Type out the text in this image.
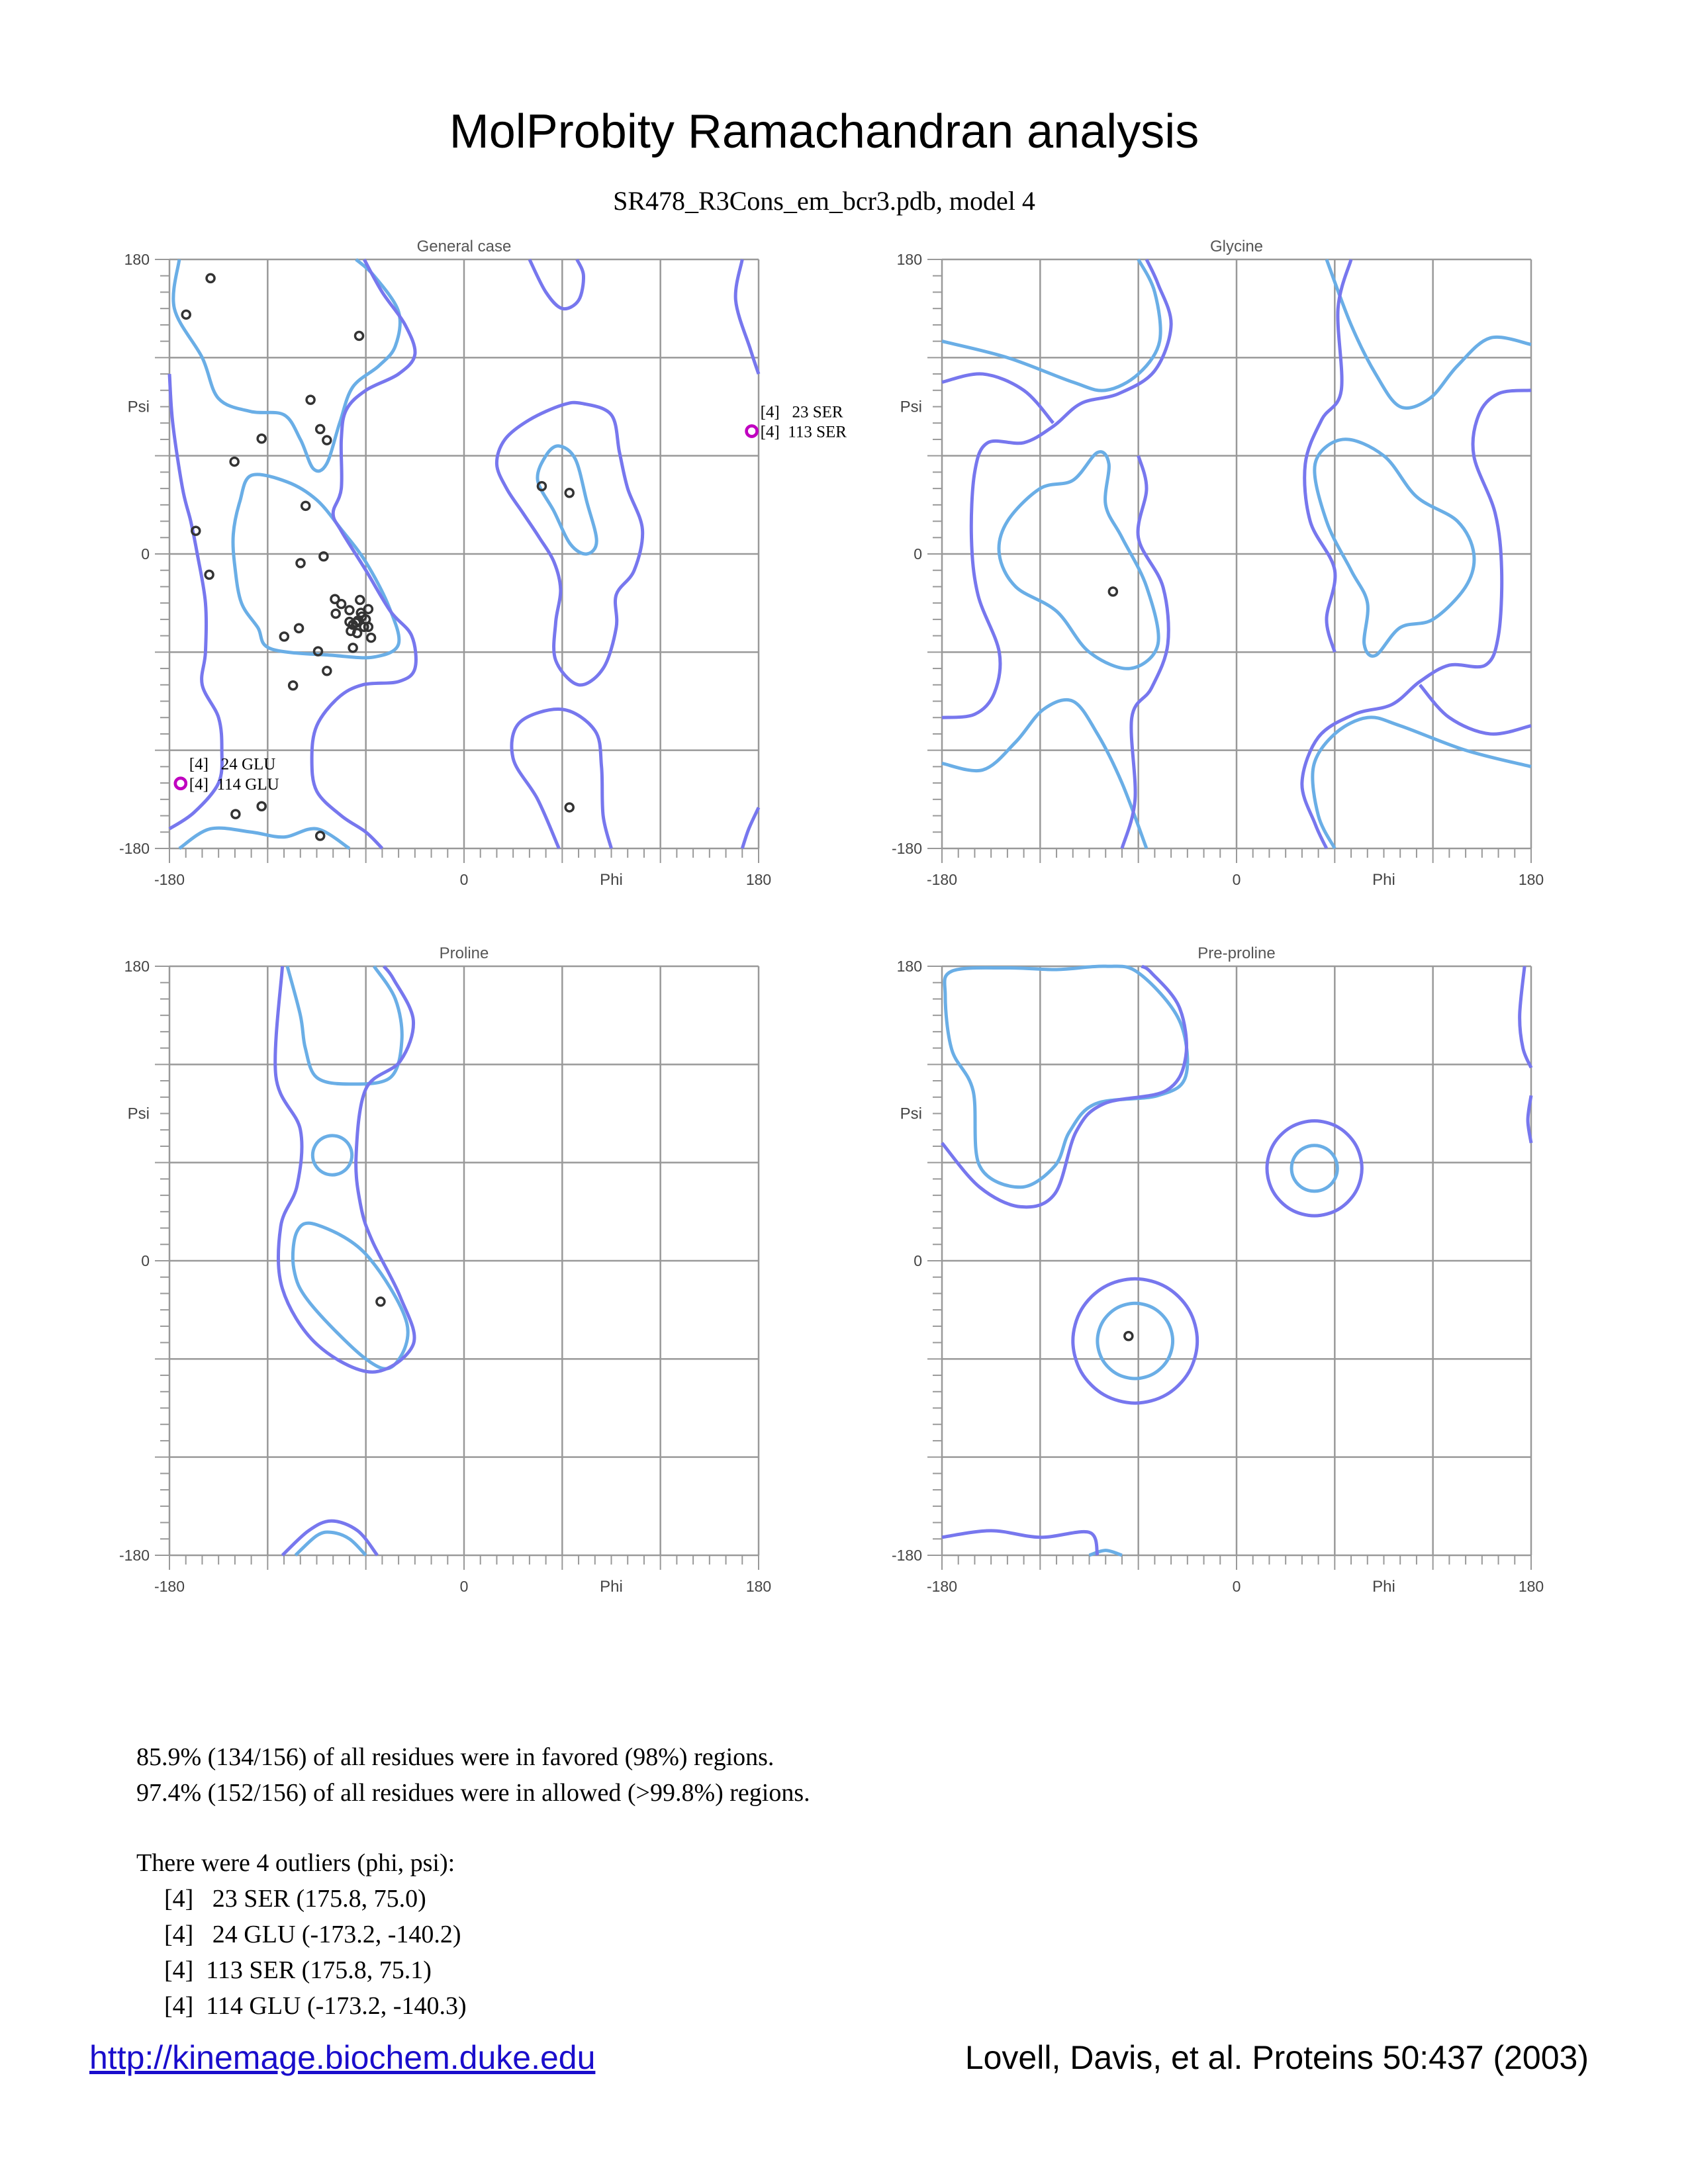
MolProbity Ramachandran analysis
SR478_R3Cons_em_bcr3.pdb, model 4
General case
-180	0	180
180
0
-180
Phi
Psi	[4]   23 SER
[4]  113 SER
[4]   24 GLU
[4]  114 GLU
Glycine
-180	0	180
180
0
-180
Phi
Psi
Proline
-180	0	180
180
0
-180
Phi
Psi
Pre-proline
-180	0	180
180
0
-180
Phi
Psi
85.9% (134/156) of all residues were in favored (98%) regions.
97.4% (152/156) of all residues were in allowed (>99.8%) regions.
There were 4 outliers (phi, psi):
[4]   23 SER (175.8, 75.0)
[4]   24 GLU (-173.2, -140.2)
[4]  113 SER (175.8, 75.1)
[4]  114 GLU (-173.2, -140.3)
http://kinemage.biochem.duke.edu	Lovell, Davis, et al. Proteins 50:437 (2003)
